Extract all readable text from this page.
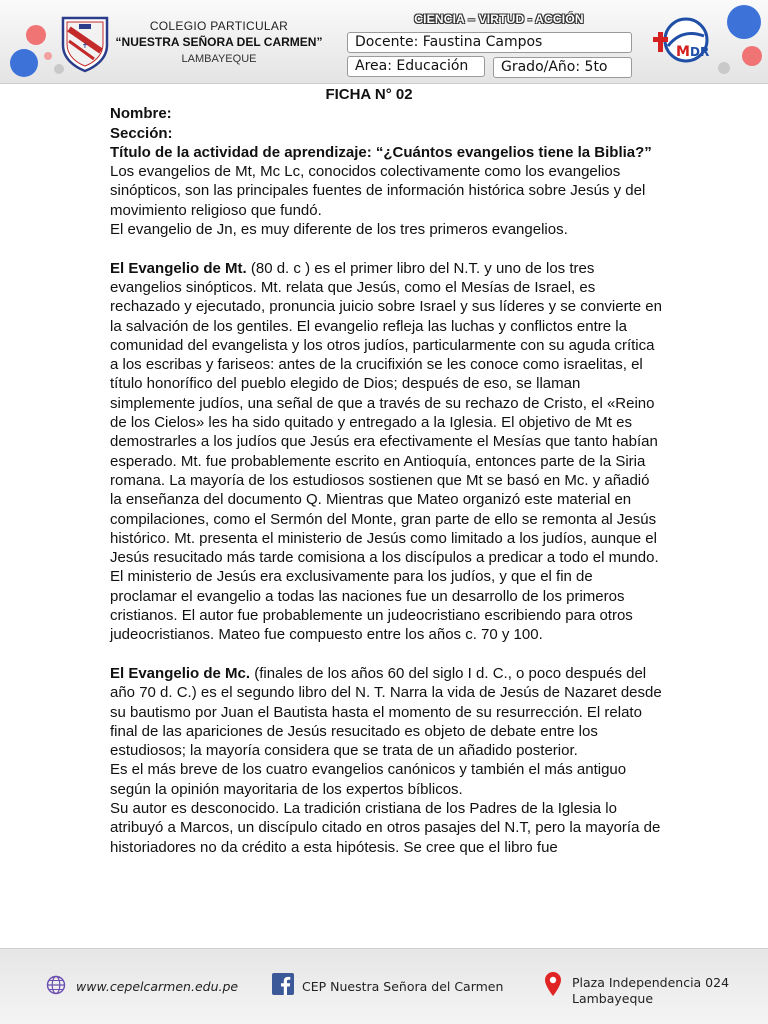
✝
COLEGIO PARTICULAR
“NUESTRA SEÑORA DEL CARMEN”
LAMBAYEQUE
CIENCIA – VIRTUD - ACCIÓN
Docente: Faustina Campos
Area: Educación	Grado/Año: 5to
M DR
FICHA N° 02

Nombre:

Sección:

Título de la actividad de aprendizaje: “¿Cuántos evangelios tiene la Biblia?”

Los evangelios de Mt, Mc Lc, conocidos colectivamente como los evangelios sinópticos, son las principales fuentes de información histórica sobre Jesús y del movimiento religioso que fundó.

El evangelio de Jn, es muy diferente de los tres primeros evangelios.

El Evangelio de Mt. (80 d. c ) es el primer libro del N.T. y uno de los tres evangelios sinópticos. Mt. relata que Jesús, como el Mesías de Israel, es rechazado y ejecutado, pronuncia juicio sobre Israel y sus líderes y se convierte en la salvación de los gentiles. El evangelio refleja las luchas y conflictos entre la comunidad del evangelista y los otros judíos, particularmente con su aguda crítica a los escribas y fariseos: antes de la crucifixión se les conoce como israelitas, el título honorífico del pueblo elegido de Dios; después de eso, se llaman simplemente judíos, una señal de que a través de su rechazo de Cristo, el «Reino de los Cielos» les ha sido quitado y entregado a la Iglesia. El objetivo de Mt es demostrarles a los judíos que Jesús era efectivamente el Mesías que tanto habían esperado. Mt. fue probablemente escrito en Antioquía, entonces parte de la Siria romana. La mayoría de los estudiosos sostienen que Mt se basó en Mc. y añadió la enseñanza del documento Q. Mientras que Mateo organizó este material en compilaciones, como el Sermón del Monte, gran parte de ello se remonta al Jesús histórico. Mt. presenta el ministerio de Jesús como limitado a los judíos, aunque el Jesús resucitado más tarde comisiona a los discípulos a predicar a todo el mundo. El ministerio de Jesús era exclusivamente para los judíos, y que el fin de proclamar el evangelio a todas las naciones fue un desarrollo de los primeros cristianos. El autor fue probablemente un judeocristiano escribiendo para otros judeocristianos. Mateo fue compuesto entre los años c. 70 y 100.

El Evangelio de Mc. (finales de los años 60 del siglo I d. C., o poco después del año 70 d. C.) es el segundo libro del N. T. Narra la vida de Jesús de Nazaret desde su bautismo por Juan el Bautista hasta el momento de su resurrección. El relato final de las apariciones de Jesús resucitado es objeto de debate entre los estudiosos; la mayoría considera que se trata de un añadido posterior.

Es el más breve de los cuatro evangelios canónicos y también el más antiguo según la opinión mayoritaria de los expertos bíblicos.

Su autor es desconocido. La tradición cristiana de los Padres de la Iglesia lo atribuyó a Marcos, un discípulo citado en otros pasajes del N.T, pero la mayoría de historiadores no da crédito a esta hipótesis. Se cree que el libro fue

www.cepelcarmen.edu.pe	CEP Nuestra Señora del Carmen	Plaza Independencia 024
Lambayeque
